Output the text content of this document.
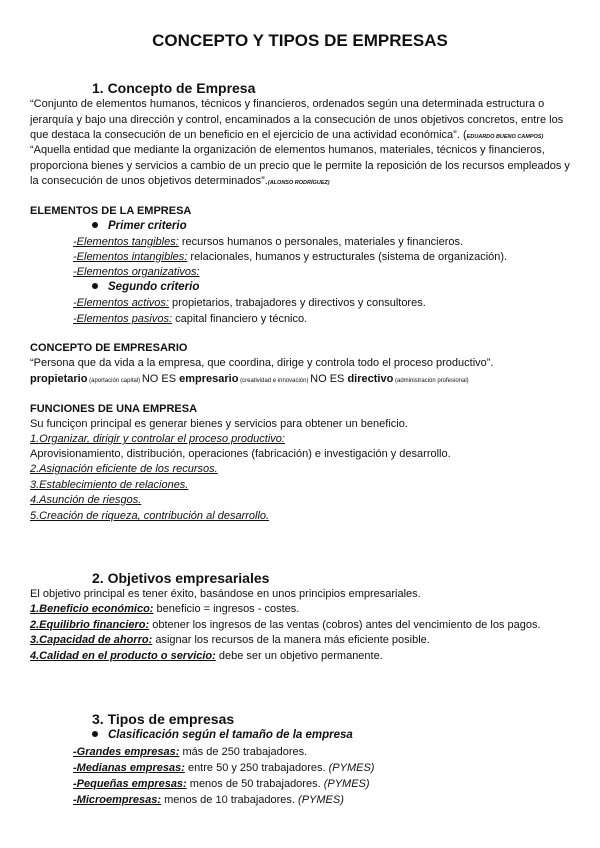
CONCEPTO Y TIPOS DE EMPRESAS
1. Concepto de Empresa
“Conjunto de elementos humanos, técnicos y financieros, ordenados según una determinada estructura o jerarquía y bajo una dirección y control, encaminados a la consecución de unos objetivos concretos, entre los que destaca la consecución de un beneficio en el ejercicio de una actividad económica”. (EDUARDO BUENO CAMPOS)
“Aquella entidad que mediante la organización de elementos humanos, materiales, técnicos y financieros, proporciona bienes y servicios a cambio de un precio que le permite la reposición de los recursos empleados y la consecución de unos objetivos determinados”.(ALONSO RODRÍGUEZ)
ELEMENTOS DE LA EMPRESA
Primer criterio
-Elementos tangibles: recursos humanos o personales, materiales y financieros.
-Elementos intangibles: relacionales, humanos y estructurales (sistema de organización).
-Elementos organizativos:
Segundo criterio
-Elementos activos: propietarios, trabajadores y directivos y consultores.
-Elementos pasivos: capital financiero y técnico.
CONCEPTO DE EMPRESARIO
“Persona que da vida a la empresa, que coordina, dirige y controla todo el proceso productivo”.
propietario (aportación capital) NO ES empresario (creatividad e innovación) NO ES directivo (administración profesional)
FUNCIONES DE UNA EMPRESA
Su funciçon principal es generar bienes y servicios para obtener un beneficio.
1.Organizar, dirigir y controlar el proceso productivo:
Aprovisionamiento, distribución, operaciones (fabricación) e investigación y desarrollo.
2.Asignación eficiente de los recursos.
3.Establecimiento de relaciones.
4.Asunción de riesgos.
5.Creación de riqueza, contribución al desarrollo.
2. Objetivos empresariales
El objetivo principal es tener éxito, basándose en unos principios empresariales.
1.Beneficio económico: beneficio = ingresos - costes.
2.Equilibrio financiero: obtener los ingresos de las ventas (cobros) antes del vencimiento de los pagos.
3.Capacidad de ahorro: asignar los recursos de la manera más eficiente posible.
4.Calidad en el producto o servicio: debe ser un objetivo permanente.
3. Tipos de empresas
Clasificación según el tamaño de la empresa
-Grandes empresas: más de 250 trabajadores.
-Medianas empresas: entre 50 y 250 trabajadores. (PYMES)
-Pequeñas empresas: menos de 50 trabajadores. (PYMES)
-Microempresas: menos de 10 trabajadores. (PYMES)
